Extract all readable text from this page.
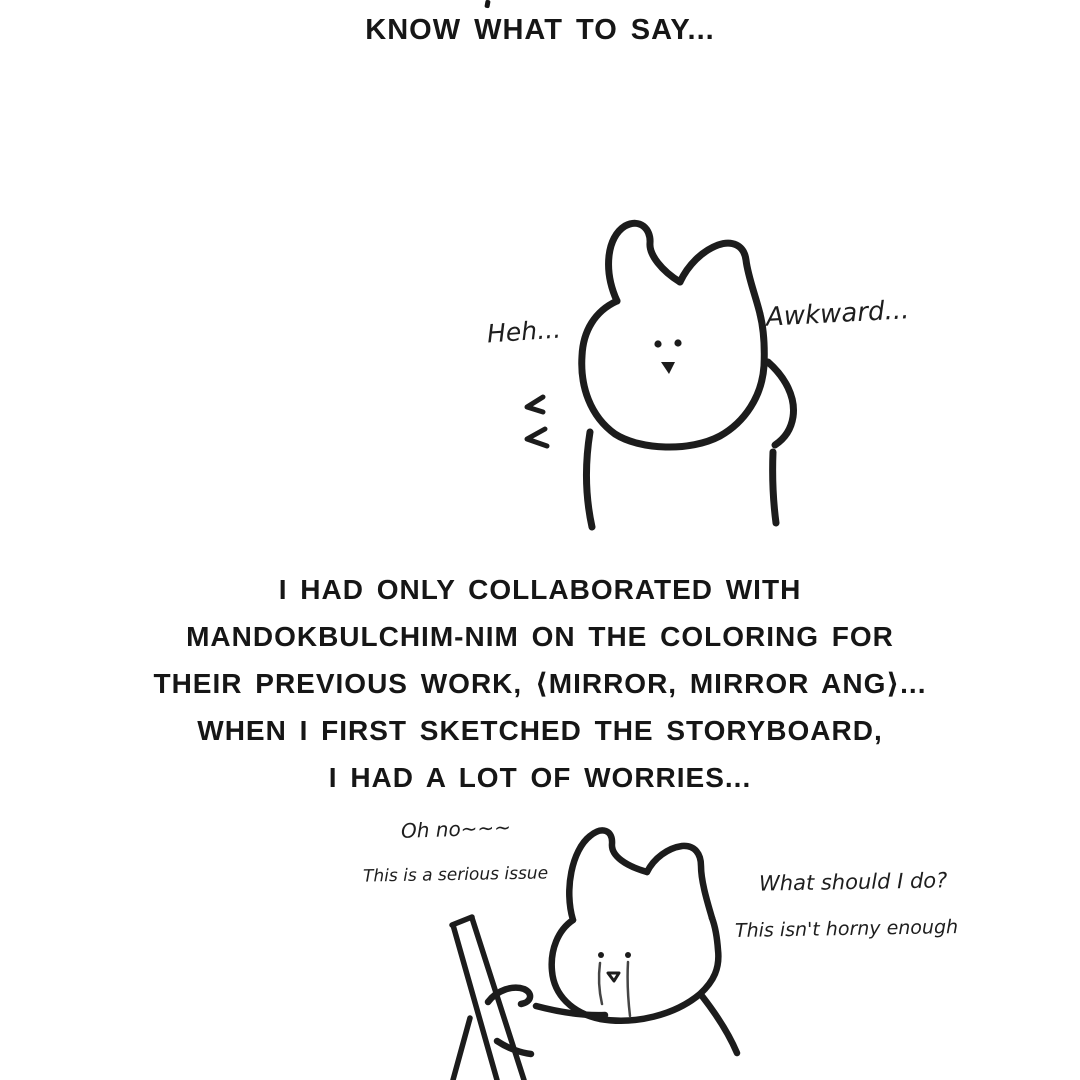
KNOW WHAT TO SAY...
Heh...	Awkward...
I HAD ONLY COLLABORATED WITH
MANDOKBULCHIM-NIM ON THE COLORING FOR
THEIR PREVIOUS WORK, ⟨MIRROR, MIRROR ANG⟩...
WHEN I FIRST SKETCHED THE STORYBOARD,
I HAD A LOT OF WORRIES...
Oh no~~~
This is a serious issue	What should I do?
This isn't horny enough
